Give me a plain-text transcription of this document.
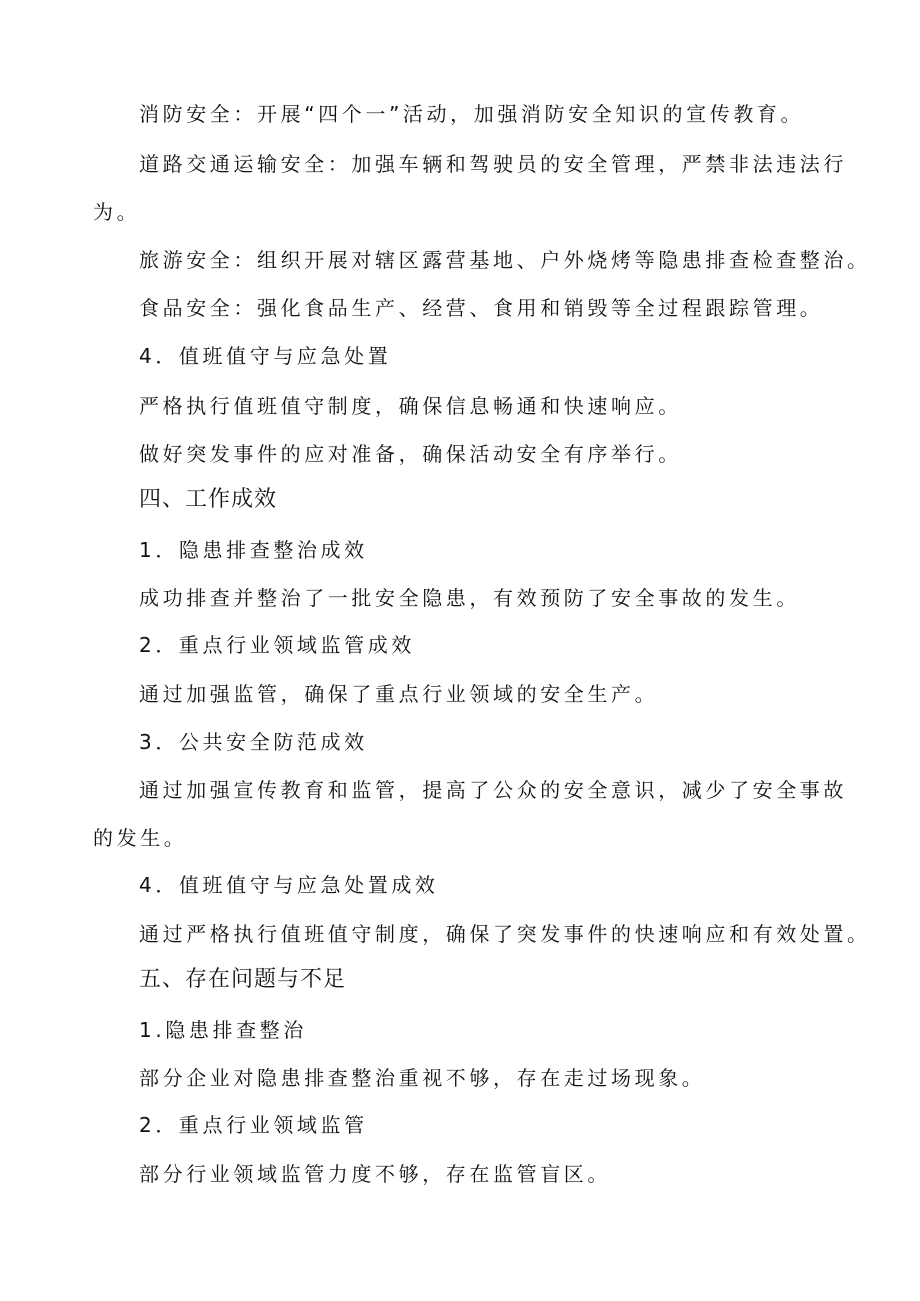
消防安全：开展“四个一”活动，加强消防安全知识的宣传教育。
道路交通运输安全：加强车辆和驾驶员的安全管理，严禁非法违法行
为。
旅游安全：组织开展对辖区露营基地、户外烧烤等隐患排查检查整治。
食品安全：强化食品生产、经营、食用和销毁等全过程跟踪管理。
4．值班值守与应急处置
严格执行值班值守制度，确保信息畅通和快速响应。
做好突发事件的应对准备，确保活动安全有序举行。
四、工作成效
1．隐患排查整治成效
成功排查并整治了一批安全隐患，有效预防了安全事故的发生。
2．重点行业领域监管成效
通过加强监管，确保了重点行业领域的安全生产。
3．公共安全防范成效
通过加强宣传教育和监管，提高了公众的安全意识，减少了安全事故
的发生。
4．值班值守与应急处置成效
通过严格执行值班值守制度，确保了突发事件的快速响应和有效处置。
五、存在问题与不足
1.隐患排查整治
部分企业对隐患排查整治重视不够，存在走过场现象。
2．重点行业领域监管
部分行业领域监管力度不够，存在监管盲区。
